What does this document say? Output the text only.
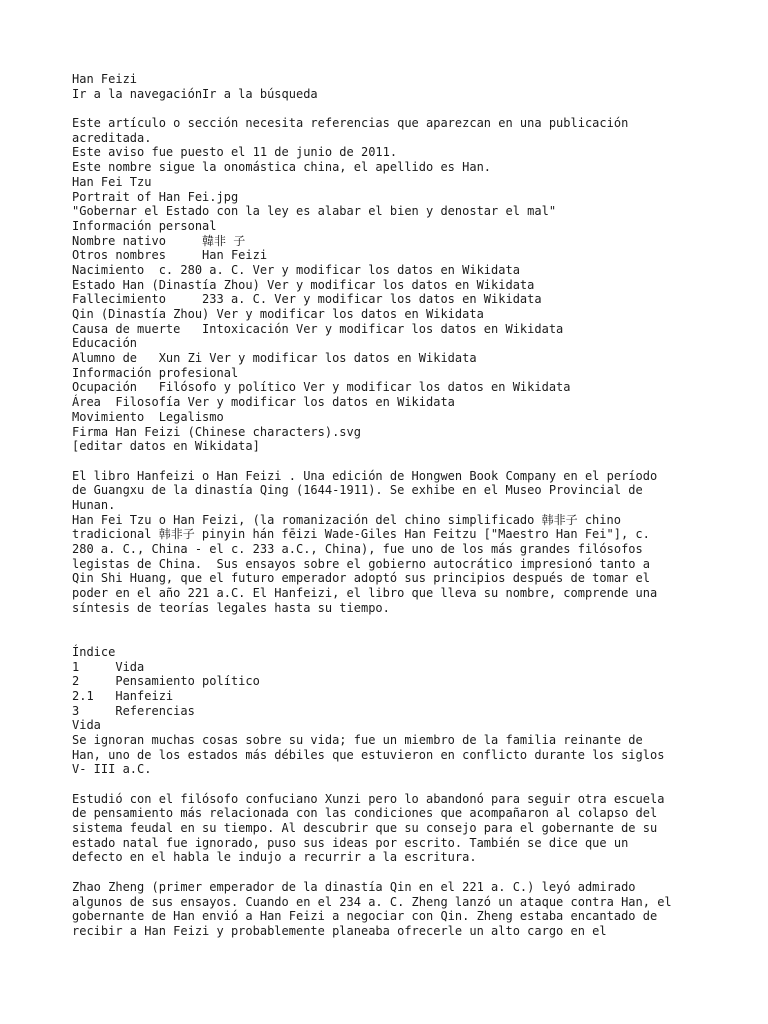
Han Feizi
Ir a la navegaciónIr a la búsqueda
Este artículo o sección necesita referencias que aparezcan en una publicación
acreditada.
Este aviso fue puesto el 11 de junio de 2011.
Este nombre sigue la onomástica china, el apellido es Han.
Han Fei Tzu
Portrait of Han Fei.jpg
"Gobernar el Estado con la ley es alabar el bien y denostar el mal"
Información personal
Nombre nativo     韓非 子
Otros nombres     Han Feizi
Nacimiento  c. 280 a. C. Ver y modificar los datos en Wikidata
Estado Han (Dinastía Zhou) Ver y modificar los datos en Wikidata
Fallecimiento     233 a. C. Ver y modificar los datos en Wikidata
Qin (Dinastía Zhou) Ver y modificar los datos en Wikidata
Causa de muerte   Intoxicación Ver y modificar los datos en Wikidata
Educación
Alumno de   Xun Zi Ver y modificar los datos en Wikidata
Información profesional
Ocupación   Filósofo y político Ver y modificar los datos en Wikidata
Área  Filosofía Ver y modificar los datos en Wikidata
Movimiento  Legalismo
Firma Han Feizi (Chinese characters).svg
[editar datos en Wikidata]
El libro Hanfeizi o Han Feizi . Una edición de Hongwen Book Company en el período
de Guangxu de la dinastía Qing (1644-1911). Se exhibe en el Museo Provincial de
Hunan.
Han Fei Tzu o Han Feizi, (la romanización del chino simplificado 韩非子 chino
tradicional 韩非子 pinyin hán fēizi Wade-Giles Han Feitzu ["Maestro Han Fei"], c.
280 a. C., China - el c. 233 a.C., China), fue uno de los más grandes filósofos
legistas de China.  Sus ensayos sobre el gobierno autocrático impresionó tanto a
Qin Shi Huang, que el futuro emperador adoptó sus principios después de tomar el
poder en el año 221 a.C. El Hanfeizi, el libro que lleva su nombre, comprende una
síntesis de teorías legales hasta su tiempo.
Índice
1     Vida
2     Pensamiento político
2.1   Hanfeizi
3     Referencias
Vida
Se ignoran muchas cosas sobre su vida; fue un miembro de la familia reinante de
Han, uno de los estados más débiles que estuvieron en conflicto durante los siglos
V- III a.C.
Estudió con el filósofo confuciano Xunzi pero lo abandonó para seguir otra escuela
de pensamiento más relacionada con las condiciones que acompañaron al colapso del
sistema feudal en su tiempo. Al descubrir que su consejo para el gobernante de su
estado natal fue ignorado, puso sus ideas por escrito. También se dice que un
defecto en el habla le indujo a recurrir a la escritura.
Zhao Zheng (primer emperador de la dinastía Qin en el 221 a. C.) leyó admirado
algunos de sus ensayos. Cuando en el 234 a. C. Zheng lanzó un ataque contra Han, el
gobernante de Han envió a Han Feizi a negociar con Qin. Zheng estaba encantado de
recibir a Han Feizi y probablemente planeaba ofrecerle un alto cargo en el
